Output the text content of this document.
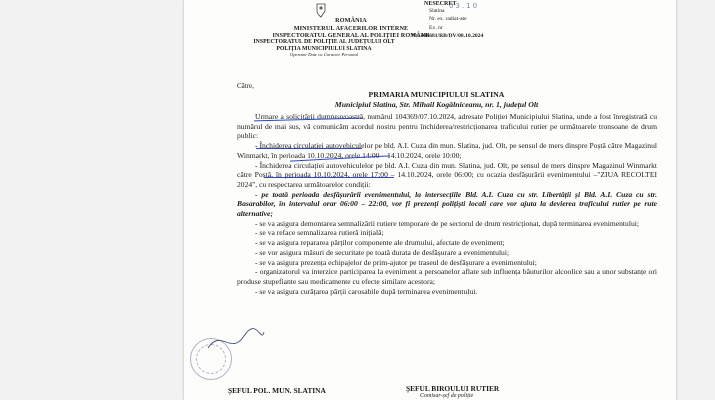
ROMÂNIA
MINISTERUL AFACERILOR INTERNE
INSPECTORATUL GENERAL AL POLIȚIEI ROMÂNE
NESECRET
03.10
Slatina
Nr. ex. radiat-ate
Ex. nr
Nr. 494681/RB/DV/08.10.2024
INSPECTORATUL DE POLIȚIE AL JUDEȚULUI OLT
POLIȚIA MUNICIPIULUI SLATINA
Operator Date cu Caracter Personal
Către,
PRIMARIA MUNICIPIULUI SLATINA
Municipiul Slatina, Str. Mihail Kogălniceanu, nr. 1, județul Olt

Urmare a solicitării dumneavoastră, numărul 104369/07.10.2024, adresate Poliției Municipiului Slatina, unde a fost înregistrată cu numărul de mai sus, vă comunicăm acordul nostru pentru închiderea/restricționarea traficului rutier pe următoarele tronsoane de drum public:

- Închiderea circulației autovehiculelor pe bld. A.I. Cuza din mun. Slatina, jud. Olt, pe sensul de mers dinspre Poștă către Magazinul Winmarkt, în perioada 10.10.2024, orele 14:00 – 14.10.2024, orele 10:00;

- Închiderea circulației autovehiculelor pe bld. A.I. Cuza din mun. Slatina, jud. Olt, pe sensul de mers dinspre Magazinul Winmarkt către Poștă, în perioada 10.10.2024, orele 17:00 – 14.10.2024, orele 06:00; cu ocazia desfășurării evenimentului –"ZIUA RECOLTEI 2024", cu respectarea următoarelor condiții:

- pe toată perioada desfășurării evenimentului, la intersecțiile Bld. A.I. Cuza cu str. Libertății și Bld. A.I. Cuza cu str. Basarabilor, în intervalul orar 06:00 – 22:00, vor fi prezenți polițiști locali care vor ajuta la devierea traficului rutier pe rute alternative;

- se va asigura demontarea semnalizării rutiere temporare de pe sectorul de drum restricționat, după terminarea evenimentului;

- se va reface semnalizarea rutieră inițială;

- se va asigura repararea părților componente ale drumului, afectate de eveniment;

- se vor asigura măsuri de securitate pe toată durata de desfășurare a evenimentului;

- se va asigura prezența echipajelor de prim-ajutor pe traseul de desfășurare a evenimentului;

- organizatorul va interzice participarea la eveniment a persoanelor aflate sub influența băuturilor alcoolice sau a unor substanțe ori produse stupefiante sau medicamente cu efecte similare acestora;

- se va asigura curățarea părții carosabile după terminarea evenimentului.

ȘEFUL POL. MUN. SLATINA	ȘEFUL BIROULUI RUTIER
Comisar-șef de poliție
